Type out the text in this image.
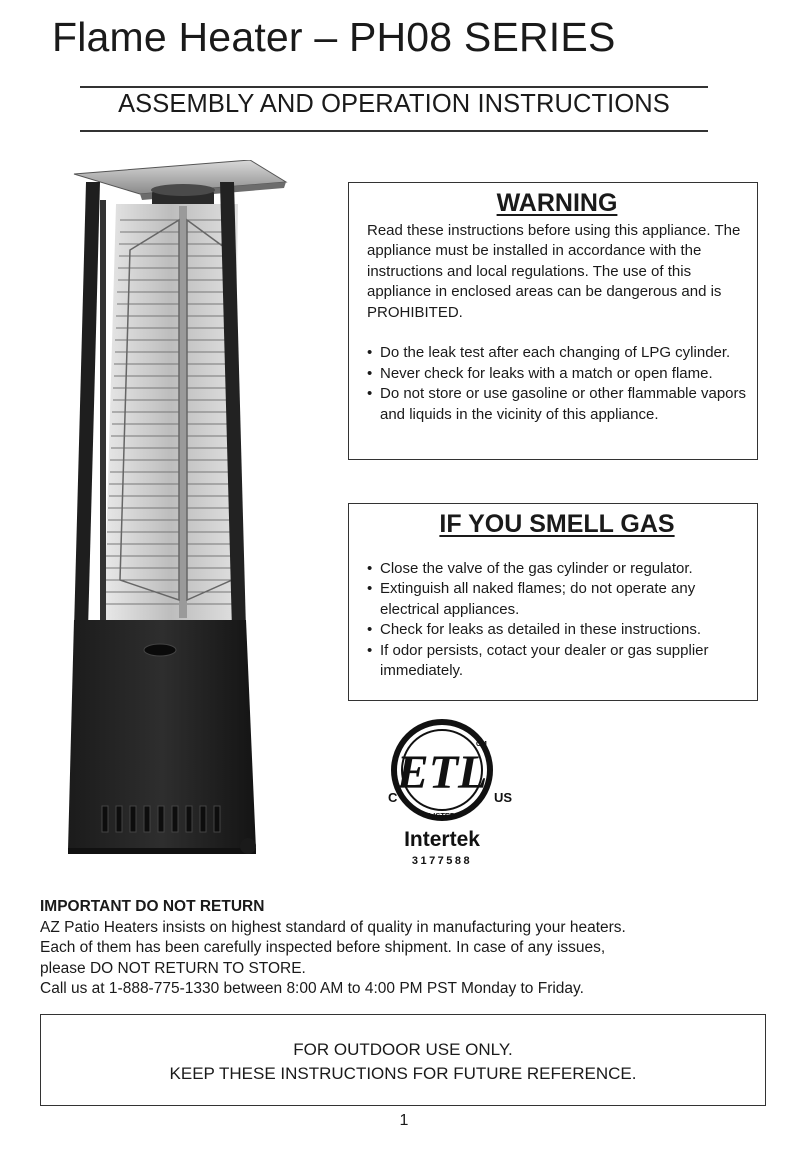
Flame Heater – PH08 SERIES
ASSEMBLY AND OPERATION INSTRUCTIONS
WARNING

Read these instructions before using this appliance. The appliance must be installed in accordance with the instructions and local regulations. The use of this appliance in enclosed areas can be dangerous and is PROHIBITED.

• Do the leak test after each changing of LPG cylinder.
• Never check for leaks with a match or open flame.
• Do not store or use gasoline or other flammable vapors and liquids in the vicinity of this appliance.
IF YOU SMELL GAS
• Close the valve of the gas cylinder or regulator.
• Extinguish all naked flames; do not operate any electrical appliances.
• Check for leaks as detailed in these instructions.
• If odor persists, cotact your dealer or gas supplier immediately.
ETL
CM
C	US
LISTED
Intertek
3177588
IMPORTANT DO NOT RETURN
AZ Patio Heaters insists on highest standard of quality in manufacturing your heaters.
Each of them has been carefully inspected before shipment. In case of any issues,
please DO NOT RETURN TO STORE.
Call us at 1-888-775-1330 between 8:00 AM to 4:00 PM PST Monday to Friday.
FOR OUTDOOR USE ONLY.
KEEP THESE INSTRUCTIONS FOR FUTURE REFERENCE.
1
